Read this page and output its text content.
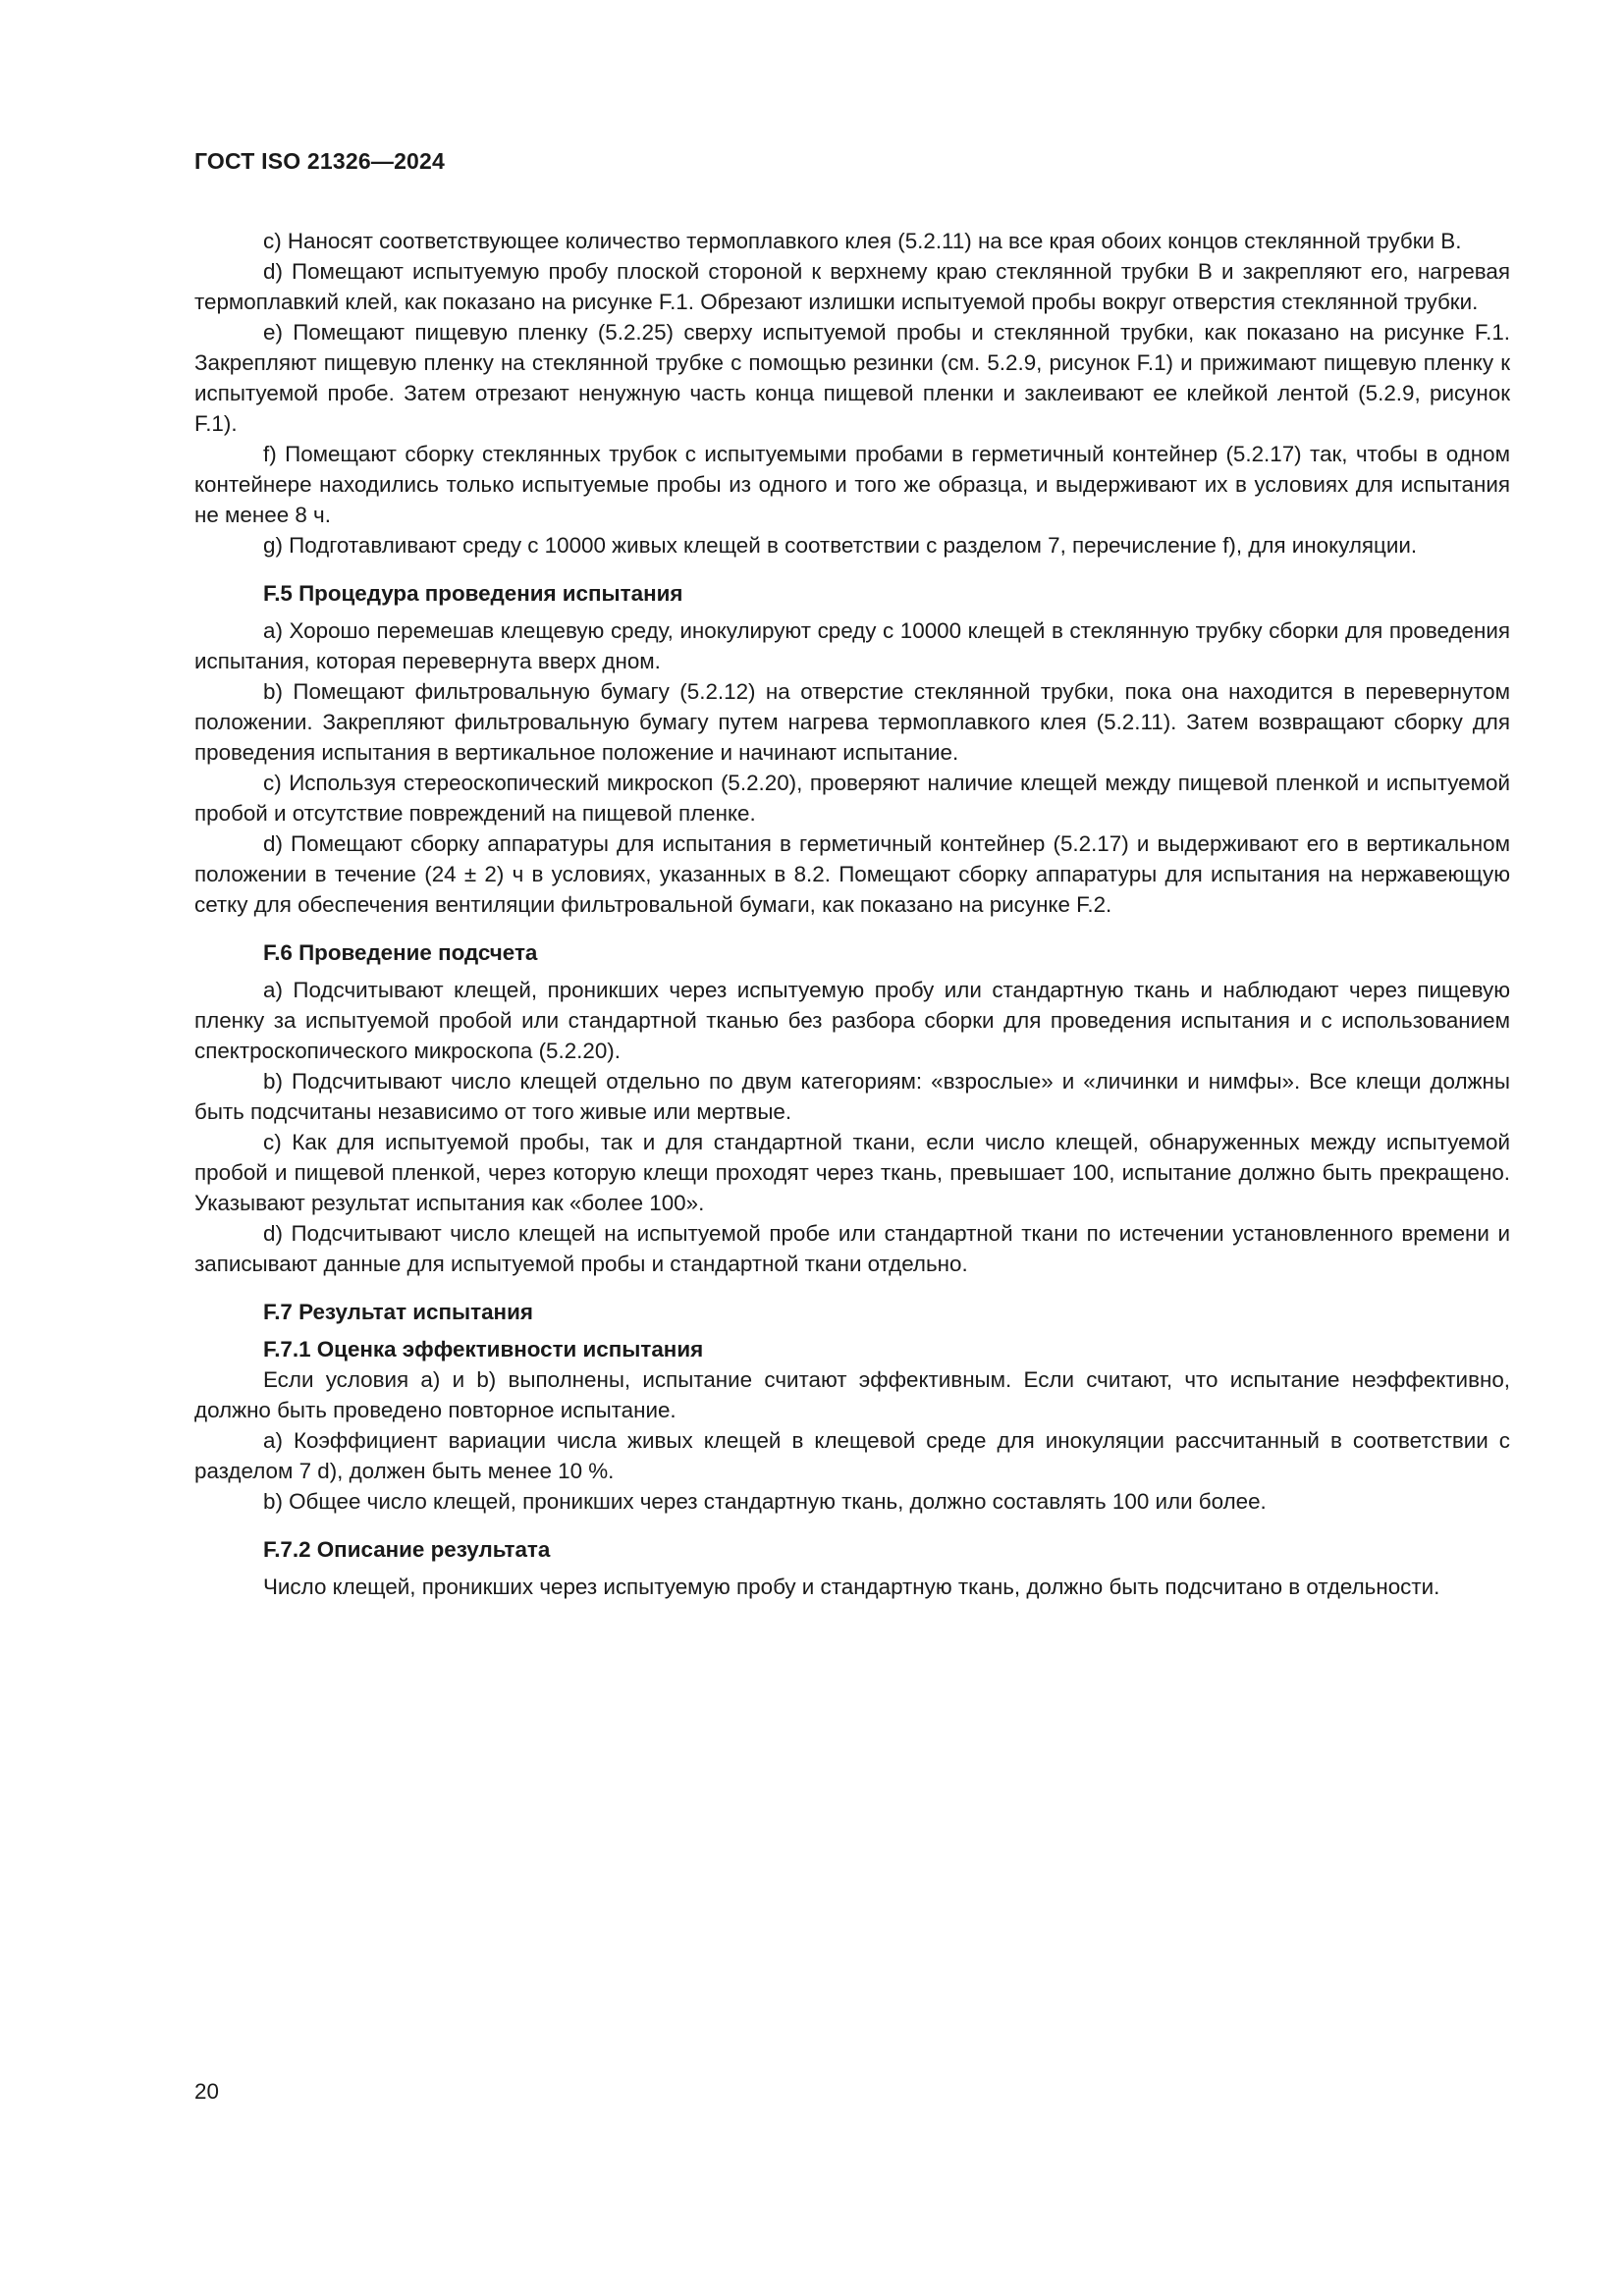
ГОСТ ISO 21326—2024

c) Наносят соответствующее количество термоплавкого клея (5.2.11) на все края обоих концов стеклянной трубки В.

d) Помещают испытуемую пробу плоской стороной к верхнему краю стеклянной трубки В и закрепляют его, нагревая термоплавкий клей, как показано на рисунке F.1. Обрезают излишки испытуемой пробы вокруг отверстия стеклянной трубки.

e) Помещают пищевую пленку (5.2.25) сверху испытуемой пробы и стеклянной трубки, как показано на рисунке F.1. Закрепляют пищевую пленку на стеклянной трубке с помощью резинки (см. 5.2.9, рисунок F.1) и прижимают пищевую пленку к испытуемой пробе. Затем отрезают ненужную часть конца пищевой пленки и заклеивают ее клейкой лентой (5.2.9, рисунок F.1).

f) Помещают сборку стеклянных трубок с испытуемыми пробами в герметичный контейнер (5.2.17) так, чтобы в одном контейнере находились только испытуемые пробы из одного и того же образца, и выдерживают их в условиях для испытания не менее 8 ч.

g) Подготавливают среду с 10000 живых клещей в соответствии с разделом 7, перечисление f), для инокуляции.

F.5 Процедура проведения испытания

a) Хорошо перемешав клещевую среду, инокулируют среду с 10000 клещей в стеклянную трубку сборки для проведения испытания, которая перевернута вверх дном.

b) Помещают фильтровальную бумагу (5.2.12) на отверстие стеклянной трубки, пока она находится в перевернутом положении. Закрепляют фильтровальную бумагу путем нагрева термоплавкого клея (5.2.11). Затем возвращают сборку для проведения испытания в вертикальное положение и начинают испытание.

c) Используя стереоскопический микроскоп (5.2.20), проверяют наличие клещей между пищевой пленкой и испытуемой пробой и отсутствие повреждений на пищевой пленке.

d) Помещают сборку аппаратуры для испытания в герметичный контейнер (5.2.17) и выдерживают его в вертикальном положении в течение (24 ± 2) ч в условиях, указанных в 8.2. Помещают сборку аппаратуры для испытания на нержавеющую сетку для обеспечения вентиляции фильтровальной бумаги, как показано на рисунке F.2.

F.6 Проведение подсчета

a) Подсчитывают клещей, проникших через испытуемую пробу или стандартную ткань и наблюдают через пищевую пленку за испытуемой пробой или стандартной тканью без разбора сборки для проведения испытания и с использованием спектроскопического микроскопа (5.2.20).

b) Подсчитывают число клещей отдельно по двум категориям: «взрослые» и «личинки и нимфы». Все клещи должны быть подсчитаны независимо от того живые или мертвые.

c) Как для испытуемой пробы, так и для стандартной ткани, если число клещей, обнаруженных между испытуемой пробой и пищевой пленкой, через которую клещи проходят через ткань, превышает 100, испытание должно быть прекращено. Указывают результат испытания как «более 100».

d) Подсчитывают число клещей на испытуемой пробе или стандартной ткани по истечении установленного времени и записывают данные для испытуемой пробы и стандартной ткани отдельно.

F.7 Результат испытания
F.7.1 Оценка эффективности испытания

Если условия a) и b) выполнены, испытание считают эффективным. Если считают, что испытание неэффективно, должно быть проведено повторное испытание.

a) Коэффициент вариации числа живых клещей в клещевой среде для инокуляции рассчитанный в соответствии с разделом 7 d), должен быть менее 10 %.

b) Общее число клещей, проникших через стандартную ткань, должно составлять 100 или более.

F.7.2 Описание результата

Число клещей, проникших через испытуемую пробу и стандартную ткань, должно быть подсчитано в отдельности.

20
